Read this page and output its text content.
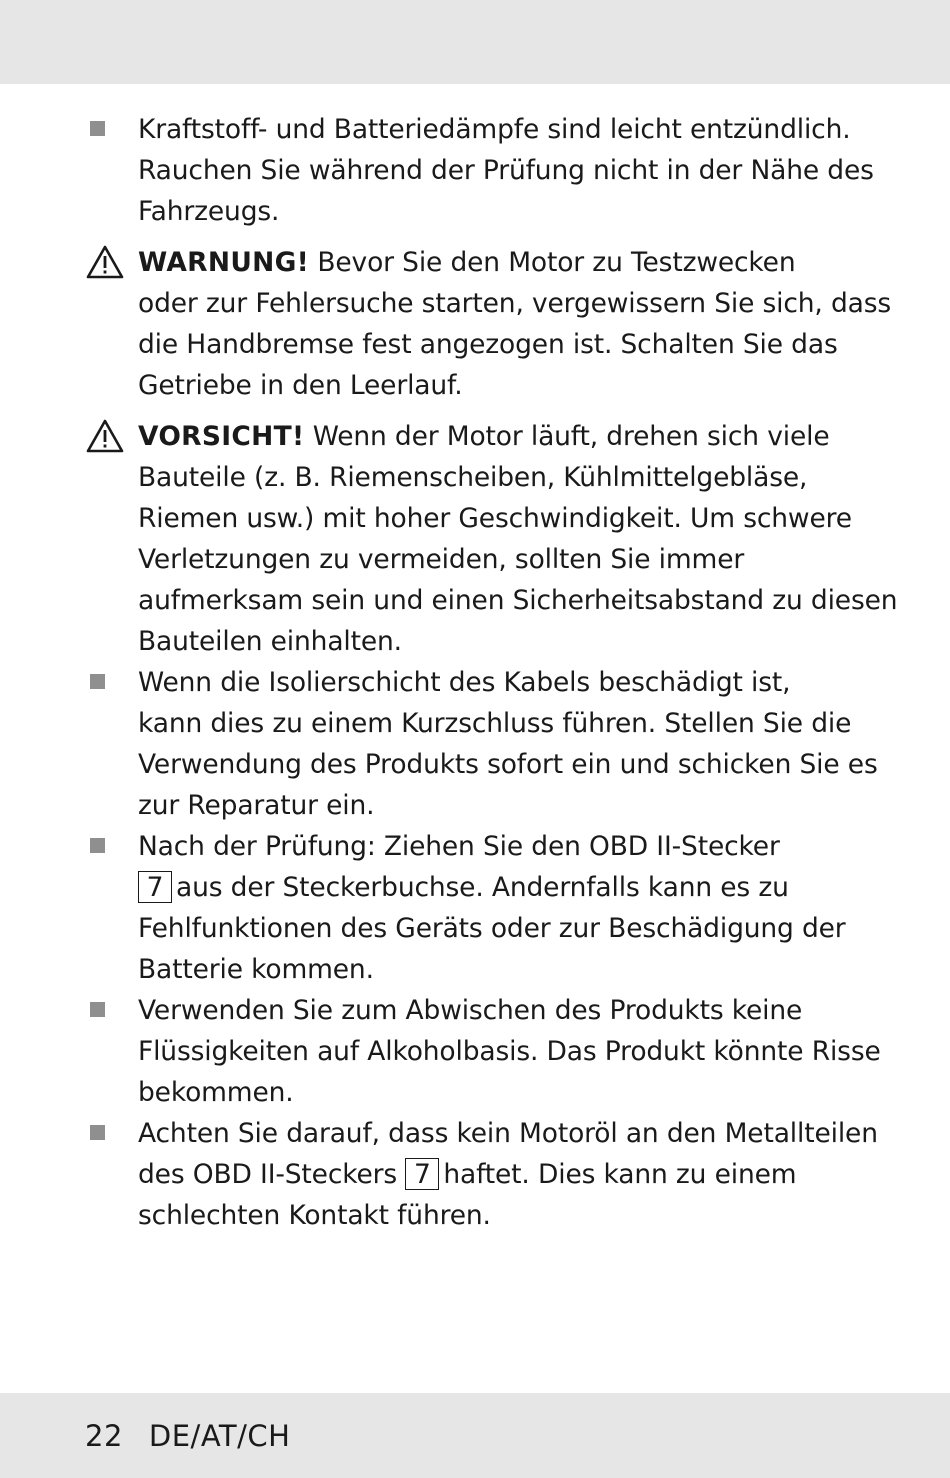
Kraftstoff- und Batteriedämpfe sind leicht entzündlich.
Rauchen Sie während der Prüfung nicht in der Nähe des
Fahrzeugs.
WARNUNG! Bevor Sie den Motor zu Testzwecken
oder zur Fehlersuche starten, vergewissern Sie sich, dass
die Handbremse fest angezogen ist. Schalten Sie das
Getriebe in den Leerlauf.
VORSICHT! Wenn der Motor läuft, drehen sich viele
Bauteile (z. B. Riemenscheiben, Kühlmittelgebläse,
Riemen usw.) mit hoher Geschwindigkeit. Um schwere
Verletzungen zu vermeiden, sollten Sie immer
aufmerksam sein und einen Sicherheitsabstand zu diesen
Bauteilen einhalten.
Wenn die Isolierschicht des Kabels beschädigt ist,
kann dies zu einem Kurzschluss führen. Stellen Sie die
Verwendung des Produkts sofort ein und schicken Sie es
zur Reparatur ein.
Nach der Prüfung: Ziehen Sie den OBD II-Stecker
7 aus der Steckerbuchse. Andernfalls kann es zu
Fehlfunktionen des Geräts oder zur Beschädigung der
Batterie kommen.
Verwenden Sie zum Abwischen des Produkts keine
Flüssigkeiten auf Alkoholbasis. Das Produkt könnte Risse
bekommen.
Achten Sie darauf, dass kein Motoröl an den Metallteilen
des OBD II-Steckers 7 haftet. Dies kann zu einem
schlechten Kontakt führen.
22 DE/AT/CH
